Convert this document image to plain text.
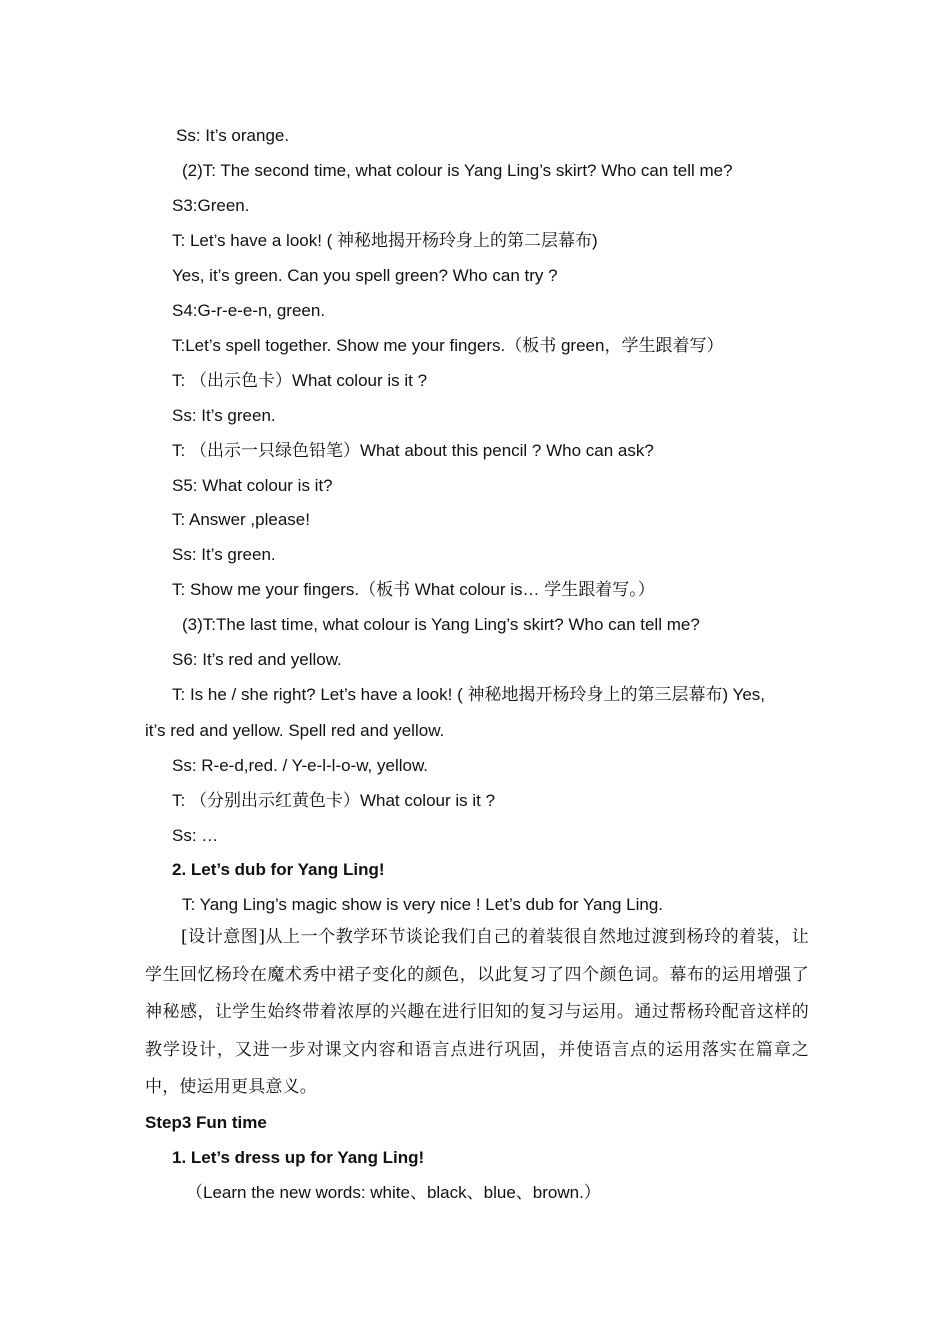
Ss: It’s orange.
(2)T: The second time, what colour is Yang Ling’s skirt? Who can tell me?
S3:Green.
T: Let’s have a look! ( 神秘地揭开杨玲身上的第二层幕布)
Yes, it’s green. Can you spell green? Who can try ?
S4:G-r-e-e-n, green.
T:Let’s spell together. Show me your fingers.（板书 green，学生跟着写）
T: （出示色卡）What colour is it ?
Ss: It’s green.
T: （出示一只绿色铅笔）What about this pencil ? Who can ask?
S5: What colour is it?
T: Answer ,please!
Ss: It’s green.
T: Show me your fingers.（板书 What colour is… 学生跟着写。）
(3)T:The last time, what colour is Yang Ling’s skirt? Who can tell me?
S6: It’s red and yellow.
T: Is he / she right? Let’s have a look! ( 神秘地揭开杨玲身上的第三层幕布) Yes,
it’s red and yellow. Spell red and yellow.
Ss: R-e-d,red. / Y-e-l-l-o-w, yellow.
T: （分别出示红黄色卡）What colour is it ?
Ss: …
2. Let’s dub for Yang Ling!
T: Yang Ling’s magic show is very nice ! Let’s dub for Yang Ling.
[设计意图]从上一个教学环节谈论我们自己的着装很自然地过渡到杨玲的着装，让学生回忆杨玲在魔术秀中裙子变化的颜色，以此复习了四个颜色词。幕布的运用增强了神秘感，让学生始终带着浓厚的兴趣在进行旧知的复习与运用。通过帮杨玲配音这样的教学设计，又进一步对课文内容和语言点进行巩固，并使语言点的运用落实在篇章之中，使运用更具意义。
Step3 Fun time
1. Let’s dress up for Yang Ling!
（Learn the new words: white、black、blue、brown.）
